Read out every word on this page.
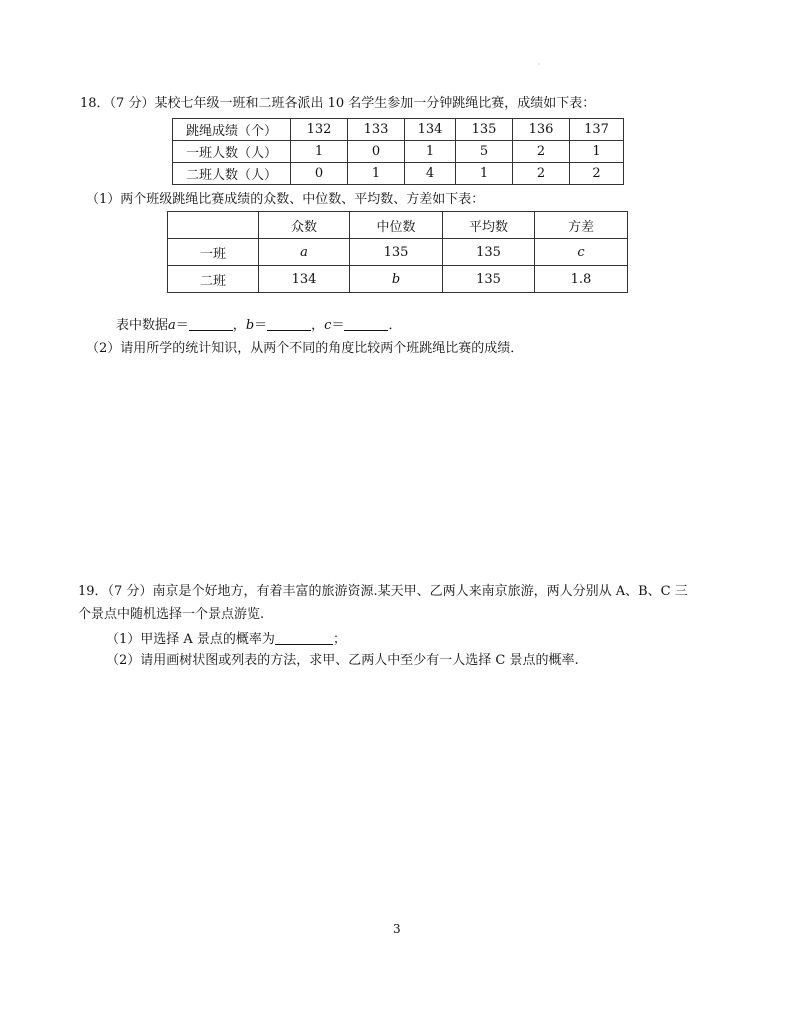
·
18．（7 分）某校七年级一班和二班各派出 10 名学生参加一分钟跳绳比赛，成绩如下表：
跳绳成绩（个）	132	133	134	135	136	137
一班人数（人）	1	0	1	5	2	1
二班人数（人）	0	1	4	1	2	2
（1）两个班级跳绳比赛成绩的众数、中位数、平均数、方差如下表：
	众数	中位数	平均数	方差
一班	a	135	135	c
二班	134	b	135	1.8
表中数据a＝	，b＝	，c＝	．
（2）请用所学的统计知识，从两个不同的角度比较两个班跳绳比赛的成绩．
19．（7 分）南京是个好地方，有着丰富的旅游资源.某天甲、乙两人来南京旅游，两人分别从 A、B、C 三
个景点中随机选择一个景点游览.
（1）甲选择 A 景点的概率为	；
（2）请用画树状图或列表的方法，求甲、乙两人中至少有一人选择 C 景点的概率.
3
